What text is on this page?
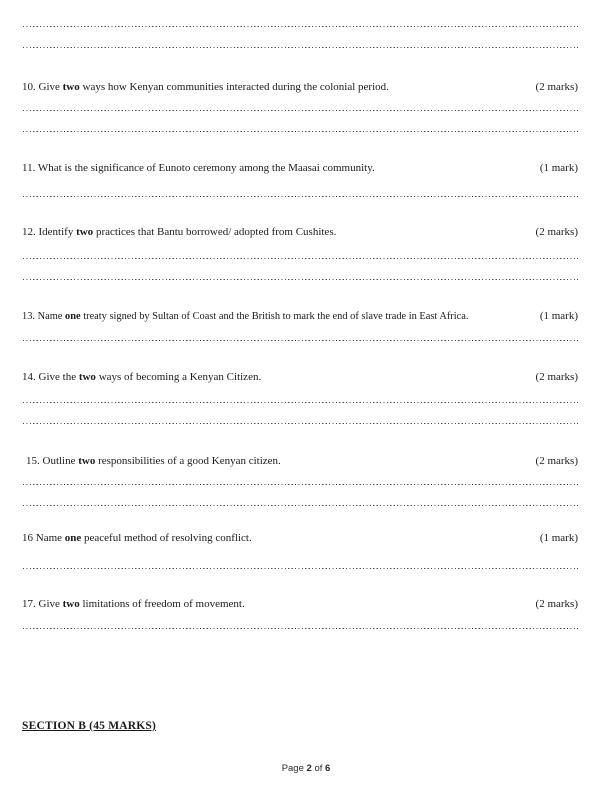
10. Give two ways how Kenyan communities interacted during the colonial period.	(2 marks)
11. What is the significance of Eunoto ceremony among the Maasai community.	(1 mark)
12. Identify two practices that Bantu borrowed/ adopted from Cushites.	(2 marks)
13. Name one treaty signed by Sultan of Coast and the British to mark the end of slave trade in East Africa.	(1 mark)
14. Give the two ways of becoming a Kenyan Citizen.	(2 marks)
15. Outline two responsibilities of a good Kenyan citizen.	(2 marks)
16 Name one peaceful method of resolving conflict.	(1 mark)
17. Give two limitations of freedom of movement.	(2 marks)
SECTION B (45 MARKS)
Page 2 of 6
